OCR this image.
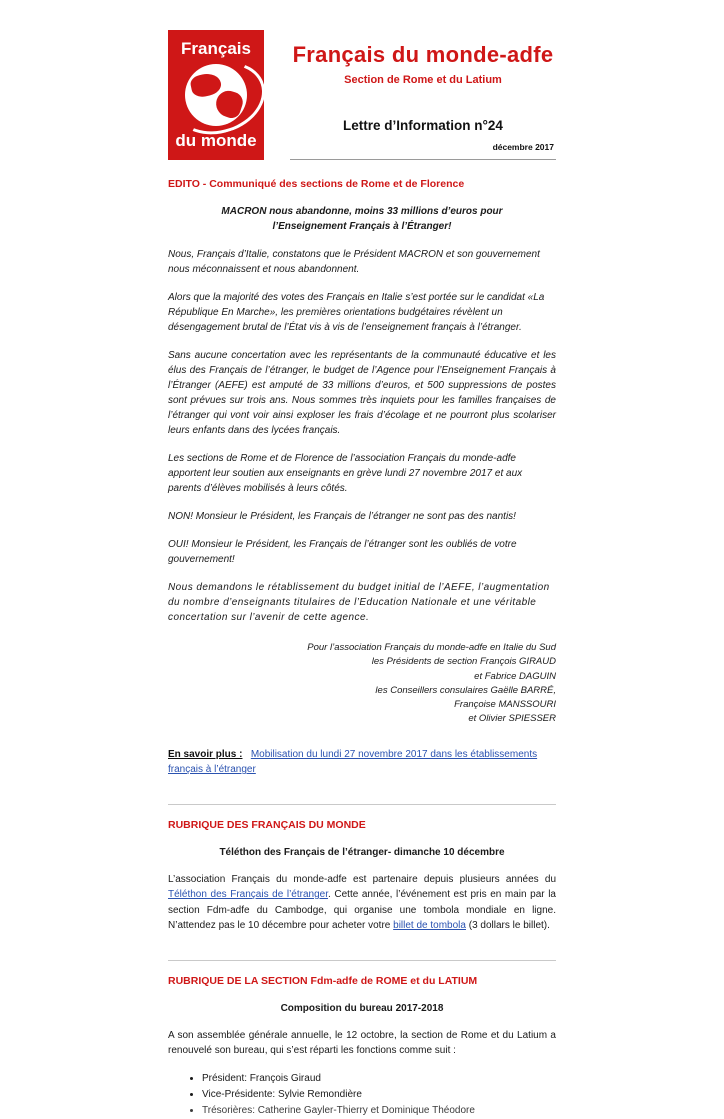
Français
du monde
Français du monde-adfe
Section de Rome et du Latium
Lettre d’Information n°24
décembre 2017
EDITO - Communiqué des sections de Rome et de Florence
MACRON nous abandonne, moins 33 millions d’euros pour l’Enseignement Français à l’Étranger!

Nous, Français d’Italie, constatons que le Président MACRON et son gouvernement nous méconnaissent et nous abandonnent.

Alors que la majorité des votes des Français en Italie s’est portée sur le candidat «La République En Marche», les premières orientations budgétaires révèlent un désengagement brutal de l’État vis à vis de l’enseignement français à l’étranger.

Sans aucune concertation avec les représentants de la communauté éducative et les élus des Français de l’étranger, le budget de l’Agence pour l’Enseignement Français à l’Étranger (AEFE) est amputé de 33 millions d’euros, et 500 suppressions de postes sont prévues sur trois ans. Nous sommes très inquiets pour les familles françaises de l’étranger qui vont voir ainsi exploser les frais d’écolage et ne pourront plus scolariser leurs enfants dans des lycées français.

Les sections de Rome et de Florence de l’association Français du monde-adfe apportent leur soutien aux enseignants en grève lundi 27 novembre 2017 et aux parents d’élèves mobilisés à leurs côtés.

NON! Monsieur le Président, les Français de l’étranger ne sont pas des nantis!

OUI! Monsieur le Président, les Français de l’étranger sont les oubliés de votre gouvernement!

Nous demandons le rétablissement du budget initial de l’AEFE, l’augmentation du nombre d’enseignants titulaires de l’Education Nationale et une véritable concertation sur l’avenir de cette agence.

Pour l’association Français du monde-adfe en Italie du Sud
les Présidents de section François GIRAUD
et Fabrice DAGUIN
les Conseillers consulaires Gaëlle BARRÉ,
Françoise MANSSOURI
et Olivier SPIESSER
En savoir plus : Mobilisation du lundi 27 novembre 2017 dans les établissements français à l’étranger
RUBRIQUE DES FRANÇAIS DU MONDE
Téléthon des Français de l’étranger- dimanche 10 décembre

L’association Français du monde-adfe est partenaire depuis plusieurs années du Téléthon des Français de l’étranger. Cette année, l’événement est pris en main par la section Fdm-adfe du Cambodge, qui organise une tombola mondiale en ligne. N’attendez pas le 10 décembre pour acheter votre billet de tombola (3 dollars le billet).

RUBRIQUE DE LA SECTION Fdm-adfe de ROME et du LATIUM
Composition du bureau 2017-2018

A son assemblée générale annuelle, le 12 octobre, la section de Rome et du Latium a renouvelé son bureau, qui s’est réparti les fonctions comme suit :

• Président: François Giraud
• Vice-Présidente: Sylvie Remondière
• Trésorières: Catherine Gayler-Thierry et Dominique Théodore
